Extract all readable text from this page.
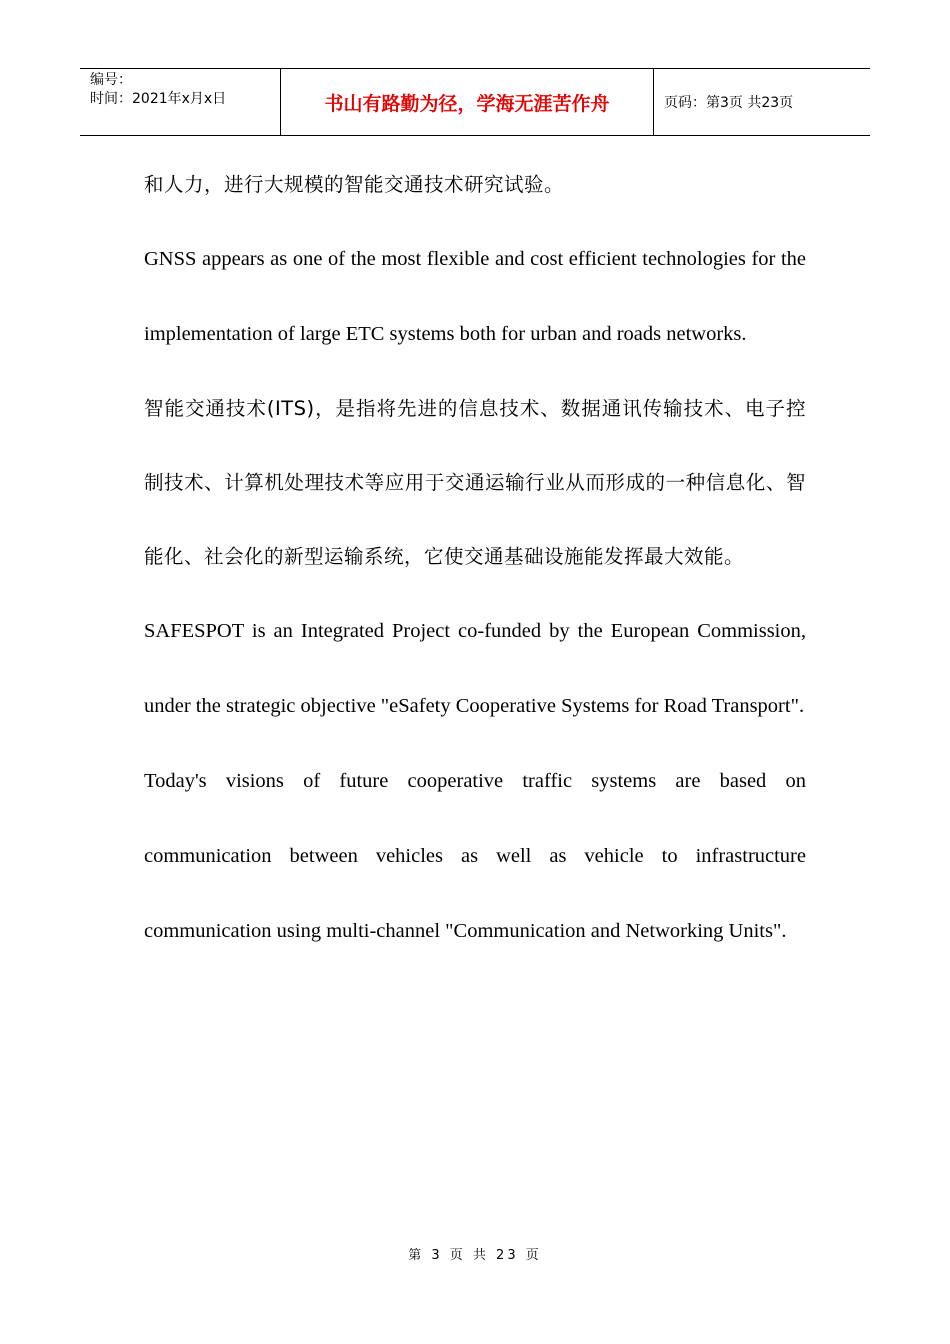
编号：
时间：2021年x月x日	书山有路勤为径，学海无涯苦作舟	页码：第3页 共23页

和人力，进行大规模的智能交通技术研究试验。

GNSS appears as one of the most flexible and cost efficient technologies for the implementation of large ETC systems both for urban and roads networks.

智能交通技术(ITS)，是指将先进的信息技术、数据通讯传输技术、电子控制技术、计算机处理技术等应用于交通运输行业从而形成的一种信息化、智能化、社会化的新型运输系统，它使交通基础设施能发挥最大效能。

SAFESPOT is an Integrated Project co-funded by the European Commission, under the strategic objective "eSafety Cooperative Systems for Road Transport".

Today's visions of future cooperative traffic systems are based on communication between vehicles as well as vehicle to infrastructure communication using multi-channel "Communication and Networking Units".

第 3 页 共 23 页
